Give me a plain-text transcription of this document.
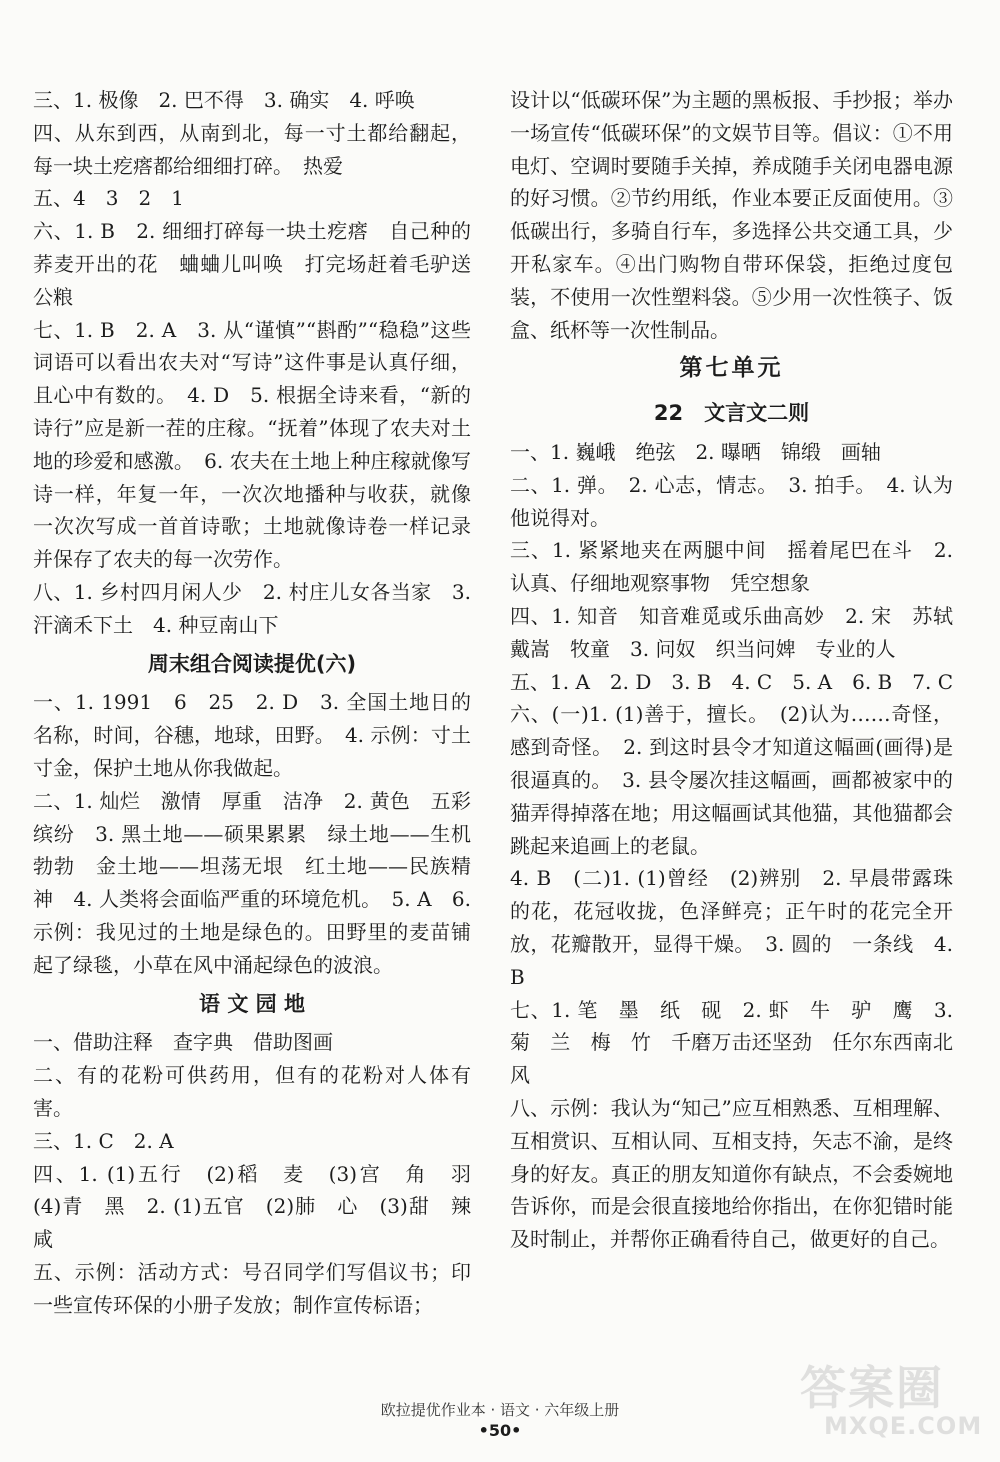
三、1. 极像　2. 巴不得　3. 确实　4. 呼唤

四、从东到西，从南到北，每一寸土都给翻起，每一块土疙瘩都给细细打碎。　热爱

五、4　3　2　1

六、1. B　2. 细细打碎每一块土疙瘩　自己种的荞麦开出的花　蛐蛐儿叫唤　打完场赶着毛驴送公粮

七、1. B　2. A　3. 从“谨慎”“斟酌”“稳稳”这些词语可以看出农夫对“写诗”这件事是认真仔细，且心中有数的。　4. D　5. 根据全诗来看，“新的诗行”应是新一茬的庄稼。“抚着”体现了农夫对土地的珍爱和感激。　6. 农夫在土地上种庄稼就像写诗一样，年复一年，一次次地播种与收获，就像一次次写成一首首诗歌；土地就像诗卷一样记录并保存了农夫的每一次劳作。

八、1. 乡村四月闲人少　2. 村庄儿女各当家　3. 汗滴禾下土　4. 种豆南山下

周末组合阅读提优(六)

一、1. 1991　6　25　2. D　3. 全国土地日的名称，时间，谷穗，地球，田野。　4. 示例：寸土寸金，保护土地从你我做起。

二、1. 灿烂　激情　厚重　洁净　2. 黄色　五彩缤纷　3. 黑土地——硕果累累　绿土地——生机勃勃　金土地——坦荡无垠　红土地——民族精神　4. 人类将会面临严重的环境危机。　5. A　6. 示例：我见过的土地是绿色的。田野里的麦苗铺起了绿毯，小草在风中涌起绿色的波浪。

语 文 园 地

一、借助注释　查字典　借助图画

二、有的花粉可供药用，但有的花粉对人体有害。

三、1. C　2. A

四、1. (1)五行　(2)稻　麦　(3)宫　角　羽　(4)青　黑　2. (1)五官　(2)肺　心　(3)甜　辣　咸

五、示例：活动方式：号召同学们写倡议书；印一些宣传环保的小册子发放；制作宣传标语；

设计以“低碳环保”为主题的黑板报、手抄报；举办一场宣传“低碳环保”的文娱节目等。倡议：①不用电灯、空调时要随手关掉，养成随手关闭电器电源的好习惯。②节约用纸，作业本要正反面使用。③低碳出行，多骑自行车，多选择公共交通工具，少开私家车。④出门购物自带环保袋，拒绝过度包装，不使用一次性塑料袋。⑤少用一次性筷子、饭盒、纸杯等一次性制品。

第七单元

22　文言文二则

一、1. 巍峨　绝弦　2. 曝晒　锦缎　画轴

二、1. 弹。　2. 心志，情志。　3. 拍手。　4. 认为他说得对。

三、1. 紧紧地夹在两腿中间　摇着尾巴在斗　2. 认真、仔细地观察事物　凭空想象

四、1. 知音　知音难觅或乐曲高妙　2. 宋　苏轼　戴嵩　牧童　3. 问奴　织当问婢　专业的人

五、1. A　2. D　3. B　4. C　5. A　6. B　7. C

六、(一)1. (1)善于，擅长。　(2)认为……奇怪，感到奇怪。　2. 到这时县令才知道这幅画(画得)是很逼真的。　3. 县令屡次挂这幅画，画都被家中的猫弄得掉落在地；用这幅画试其他猫，其他猫都会跳起来追画上的老鼠。

4. B　(二)1. (1)曾经　(2)辨别　2. 早晨带露珠的花，花冠收拢，色泽鲜亮；正午时的花完全开放，花瓣散开，显得干燥。　3. 圆的　一条线　4. B

七、1. 笔　墨　纸　砚　2. 虾　牛　驴　鹰　3. 菊　兰　梅　竹　千磨万击还坚劲　任尔东西南北风

八、示例：我认为“知己”应互相熟悉、互相理解、互相赏识、互相认同、互相支持，矢志不渝，是终身的好友。真正的朋友知道你有缺点，不会委婉地告诉你，而是会很直接地给你指出，在你犯错时能及时制止，并帮你正确看待自己，做更好的自己。

欧拉提优作业本 · 语文 · 六年级上册
•50•
答案圈
MXQE.COM
